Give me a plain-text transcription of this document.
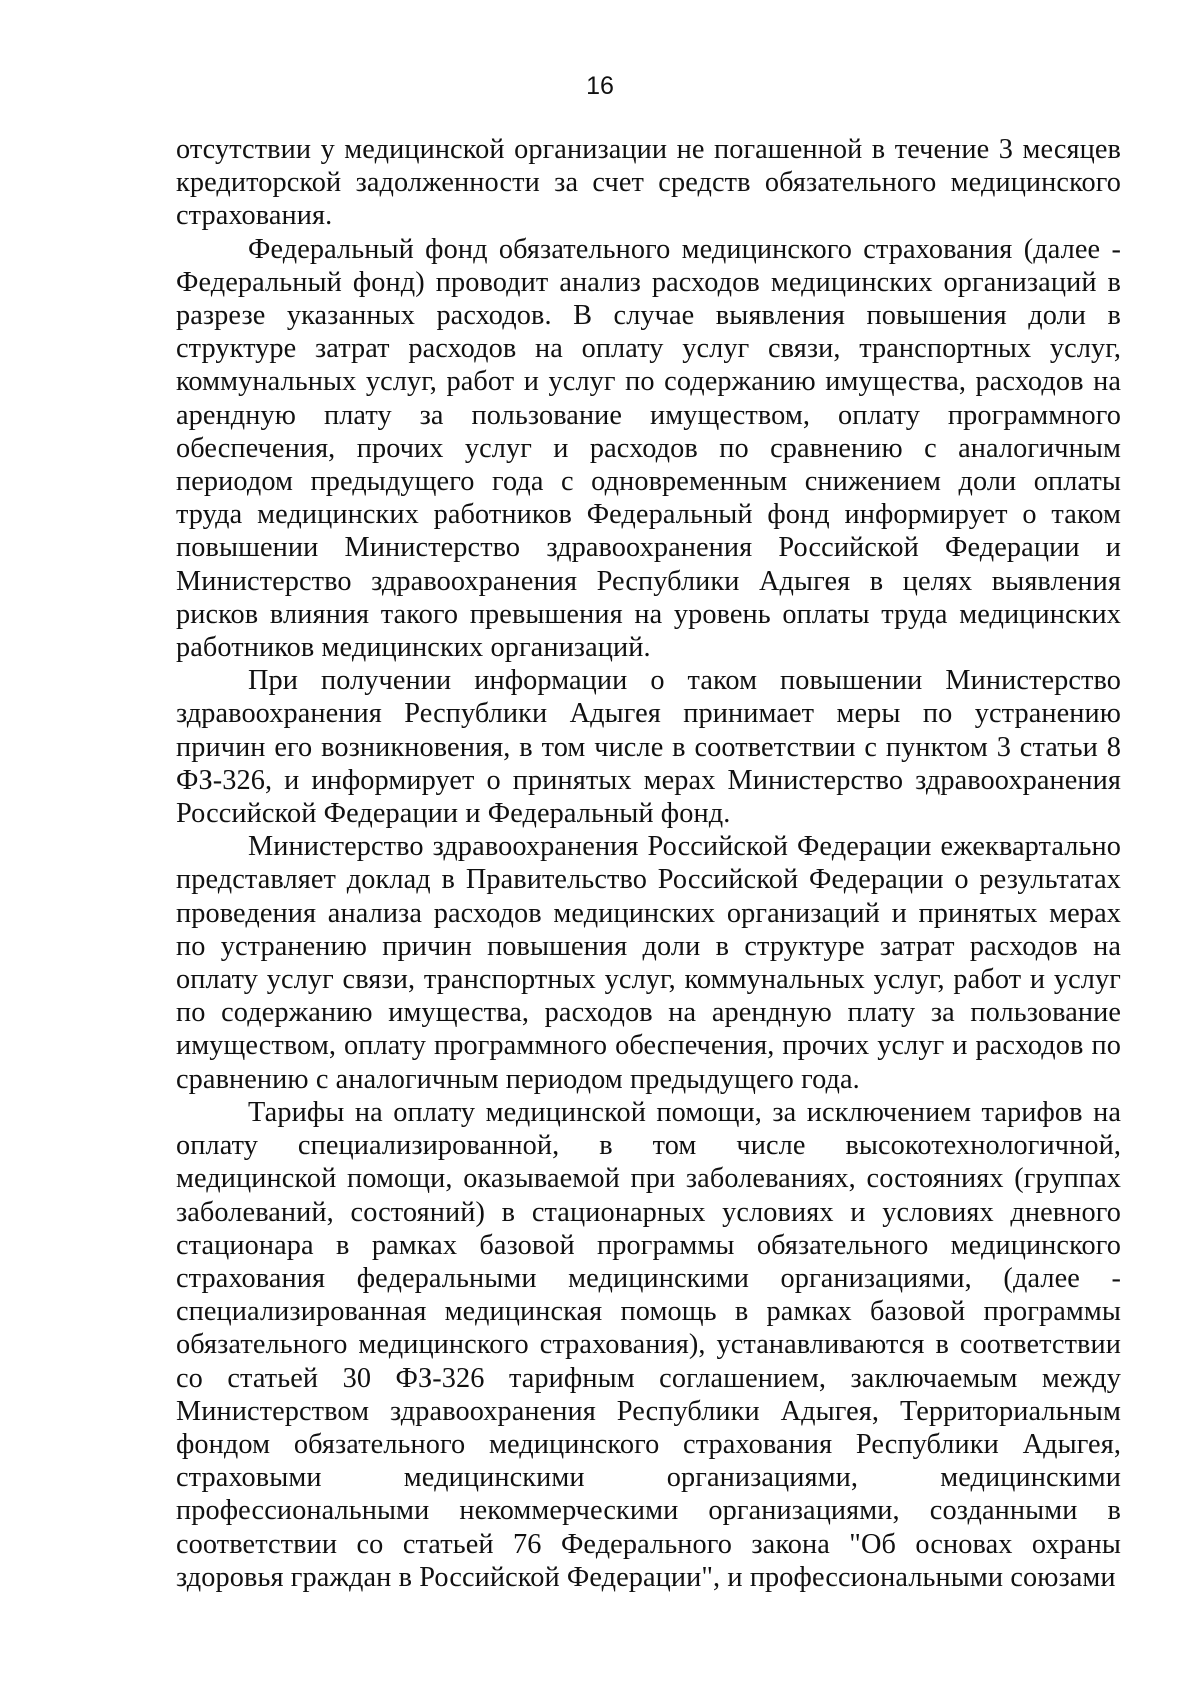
16

отсутствии у медицинской организации не погашенной в течение 3 месяцев кредиторской задолженности за счет средств обязательного медицинского страхования.

Федеральный фонд обязательного медицинского страхования (далее - Федеральный фонд) проводит анализ расходов медицинских организаций в разрезе указанных расходов. В случае выявления повышения доли в структуре затрат расходов на оплату услуг связи, транспортных услуг, коммунальных услуг, работ и услуг по содержанию имущества, расходов на арендную плату за пользование имуществом, оплату программного обеспечения, прочих услуг и расходов по сравнению с аналогичным периодом предыдущего года с одновременным снижением доли оплаты труда медицинских работников Федеральный фонд информирует о таком повышении Министерство здравоохранения Российской Федерации и Министерство здравоохранения Республики Адыгея в целях выявления рисков влияния такого превышения на уровень оплаты труда медицинских работников медицинских организаций.

При получении информации о таком повышении Министерство здравоохранения Республики Адыгея принимает меры по устранению причин его возникновения, в том числе в соответствии с пунктом 3 статьи 8 ФЗ-326, и информирует о принятых мерах Министерство здравоохранения Российской Федерации и Федеральный фонд.

Министерство здравоохранения Российской Федерации ежеквартально представляет доклад в Правительство Российской Федерации о результатах проведения анализа расходов медицинских организаций и принятых мерах по устранению причин повышения доли в структуре затрат расходов на оплату услуг связи, транспортных услуг, коммунальных услуг, работ и услуг по содержанию имущества, расходов на арендную плату за пользование имуществом, оплату программного обеспечения, прочих услуг и расходов по сравнению с аналогичным периодом предыдущего года.

Тарифы на оплату медицинской помощи, за исключением тарифов на оплату специализированной, в том числе высокотехнологичной, медицинской помощи, оказываемой при заболеваниях, состояниях (группах заболеваний, состояний) в стационарных условиях и условиях дневного стационара в рамках базовой программы обязательного медицинского страхования федеральными медицинскими организациями, (далее - специализированная медицинская помощь в рамках базовой программы обязательного медицинского страхования), устанавливаются в соответствии со статьей 30 ФЗ-326 тарифным соглашением, заключаемым между Министерством здравоохранения Республики Адыгея, Территориальным фондом обязательного медицинского страхования Республики Адыгея, страховыми медицинскими организациями, медицинскими профессиональными некоммерческими организациями, созданными в соответствии со статьей 76 Федерального закона "Об основах охраны здоровья граждан в Российской Федерации", и профессиональными союзами
